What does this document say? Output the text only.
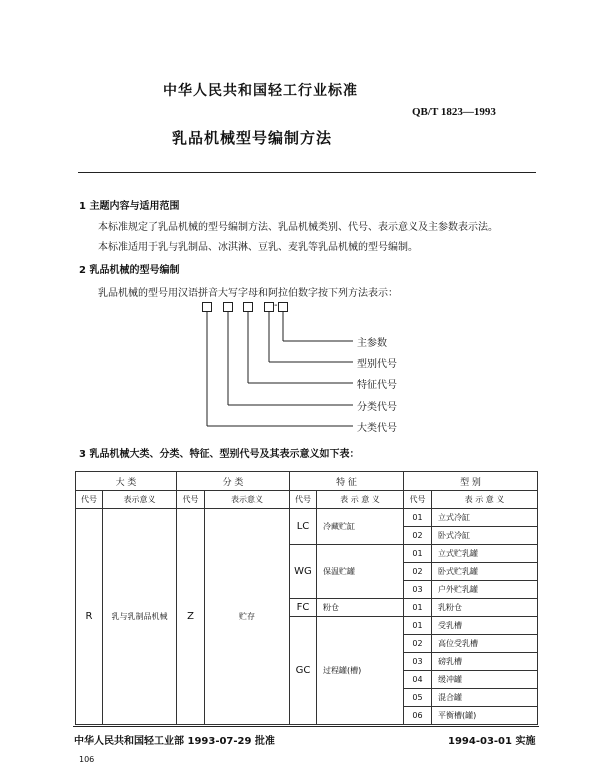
中华人民共和国轻工行业标准
QB/T 1823—1993
乳品机械型号编制方法
1 主题内容与适用范围
本标准规定了乳品机械的型号编制方法、乳品机械类别、代号、表示意义及主参数表示法。
本标准适用于乳与乳制品、冰淇淋、豆乳、麦乳等乳品机械的型号编制。
2 乳品机械的型号编制
乳品机械的型号用汉语拼音大写字母和阿拉伯数字按下列方法表示：
-
主参数
型别代号
特征代号
分类代号
大类代号
3 乳品机械大类、分类、特征、型别代号及其表示意义如下表：
大 类		分 类		特 征		型 别	
代号	表示意义	代号	表示意义	代号	表 示 意 义	代号	表 示 意 义
R	乳与乳制品机械	Z	贮存	LC	冷藏贮缸	01	立式冷缸
						02	卧式冷缸
				WG	保温贮罐	01	立式贮乳罐
						02	卧式贮乳罐
						03	户外贮乳罐
				FC	粉仓	01	乳粉仓
				GC	过程罐(槽)	01	受乳槽
						02	高位受乳槽
						03	磅乳槽
						04	缓冲罐
						05	混合罐
						06	平衡槽(罐)
中华人民共和国轻工业部 1993-07-29 批准	1994-03-01 实施
106
